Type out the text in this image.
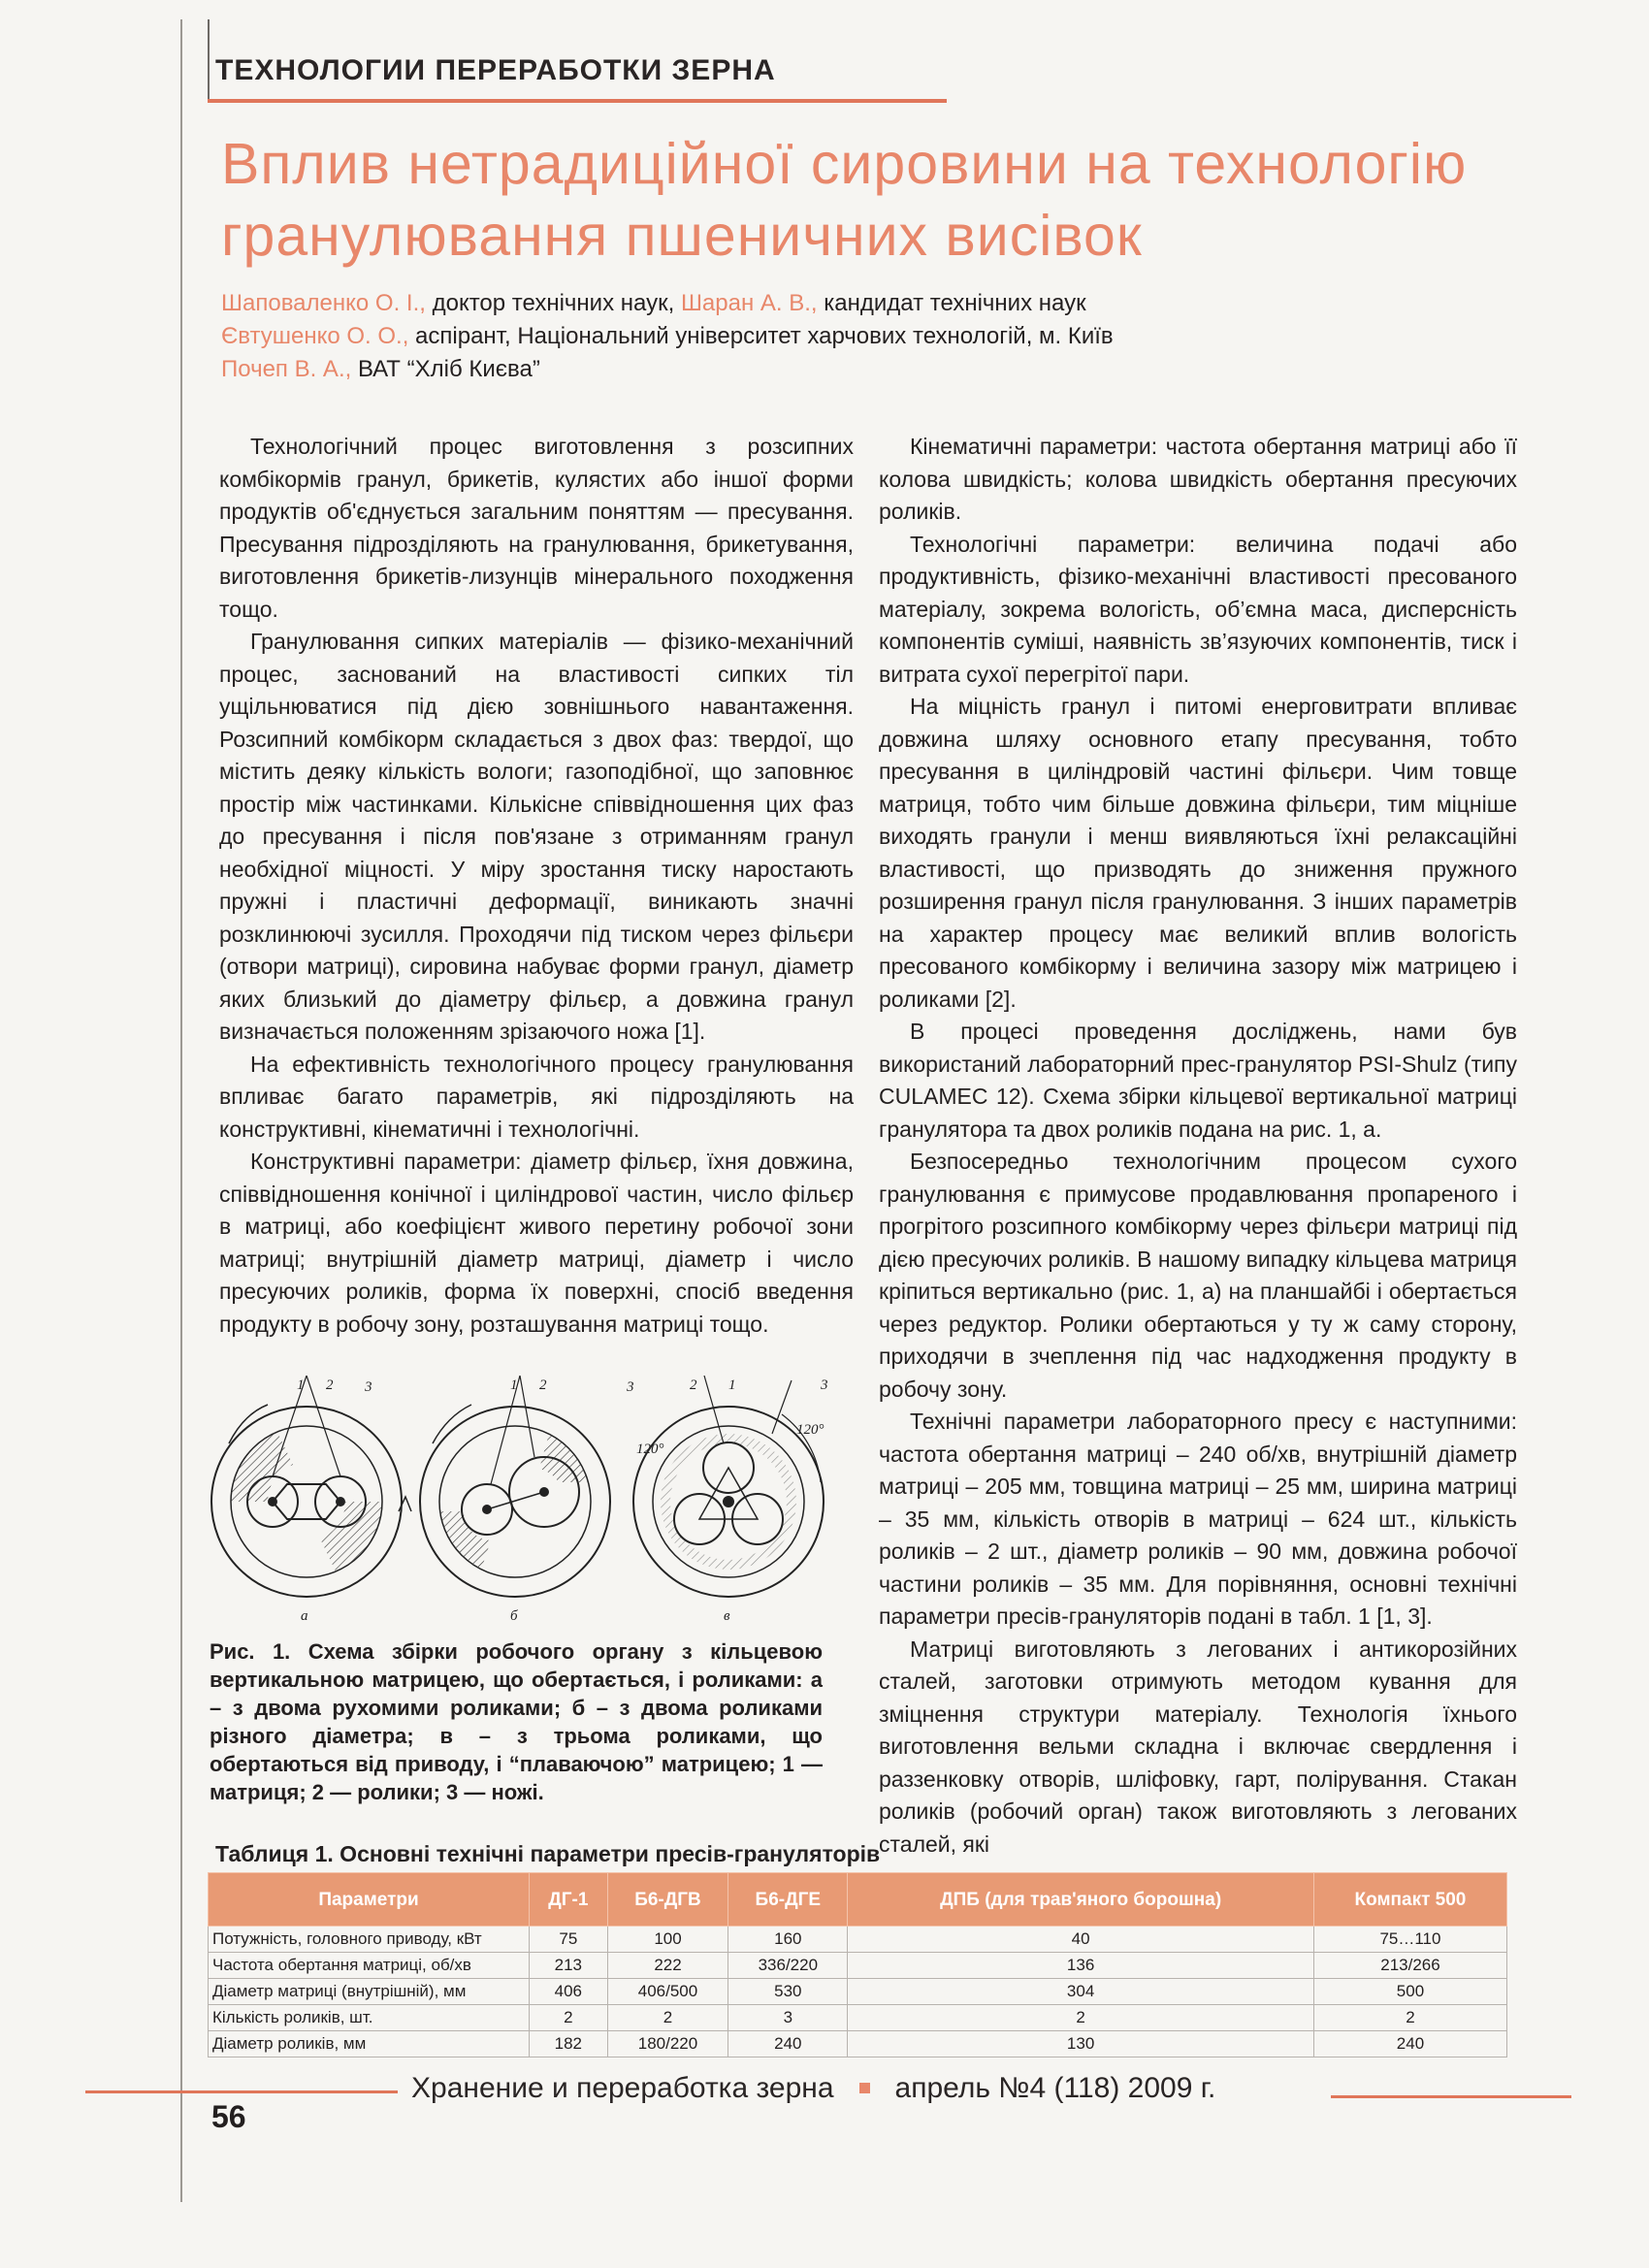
ТЕХНОЛОГИИ ПЕРЕРАБОТКИ ЗЕРНА
Вплив нетрадиційної сировини на технологію гранулювання пшеничних висівок
Шаповаленко О. І., доктор технічних наук, Шаран А. В., кандидат технічних наук
Євтушенко О. О., аспірант, Національний університет харчових технологій, м. Київ
Почеп В. А., ВАТ “Хліб Києва”

Технологічний процес виготовлення з розсипних комбікормів гранул, брикетів, кулястих або іншої форми продуктів об'єднується загальним поняттям — пресування. Пресування підрозділяють на гранулювання, брикетування, виготовлення брикетів-лизунців мінерального походження тощо.

Гранулювання сипких матеріалів — фізико-механічний процес, заснований на властивості сипких тіл ущільнюватися під дією зовнішнього навантаження. Розсипний комбікорм складається з двох фаз: твердої, що містить деяку кількість вологи; газоподібної, що заповнює простір між частинками. Кількісне співвідношення цих фаз до пресування і після пов'язане з отриманням гранул необхідної міцності. У міру зростання тиску наростають пружні і пластичні деформації, виникають значні розклинюючі зусилля. Проходячи під тиском через фільєри (отвори матриці), сировина набуває форми гранул, діаметр яких близький до діаметру фільєр, а довжина гранул визначається положенням зрізаючого ножа [1].

На ефективність технологічного процесу гранулювання впливає багато параметрів, які підрозділяють на конструктивні, кінематичні і технологічні.

Конструктивні параметри: діаметр фільєр, їхня довжина, співвідношення конічної і циліндрової частин, число фільєр в матриці, або коефіцієнт живого перетину робочої зони матриці; внутрішній діаметр матриці, діаметр і число пресуючих роликів, форма їх поверхні, спосіб введення продукту в робочу зону, розташування матриці тощо.

Кінематичні параметри: частота обертання матриці або її колова швидкість; колова швидкість обертання пресуючих роликів.

Технологічні параметри: величина подачі або продуктивність, фізико-механічні властивості пресованого матеріалу, зокрема вологість, об’ємна маса, дисперсність компонентів суміші, наявність зв’язуючих компонентів, тиск і витрата сухої перегрітої пари.

На міцність гранул і питомі енерговитрати впливає довжина шляху основного етапу пресування, тобто пресування в циліндровій частині фільєри. Чим товще матриця, тобто чим більше довжина фільєри, тим міцніше виходять гранули і менш виявляються їхні релаксаційні властивості, що призводять до зниження пружного розширення гранул після гранулювання. З інших параметрів на характер процесу має великий вплив вологість пресованого комбікорму і величина зазору між матрицею і роликами [2].

В процесі проведення досліджень, нами був використаний лабораторний прес-гранулятор PSI-Shulz (типу CULAMEC 12). Схема збірки кільцевої вертикальної матриці гранулятора та двох роликів подана на рис. 1, а.

Безпосередньо технологічним процесом сухого гранулювання є примусове продавлювання пропареного і прогрітого розсипного комбікорму через фільєри матриці під дією пресуючих роликів. В нашому випадку кільцева матриця кріпиться вертикально (рис. 1, а) на планшайбі і обертається через редуктор. Ролики обертаються у ту ж саму сторону, приходячи в зчеплення під час надходження продукту в робочу зону.

Технічні параметри лабораторного пресу є наступними: частота обертання матриці – 240 об/хв, внутрішній діаметр матриці – 205 мм, товщина матриці – 25 мм, ширина матриці – 35 мм, кількість отворів в матриці – 624 шт., кількість роликів – 2 шт., діаметр роликів – 90 мм, довжина робочої частини роликів – 35 мм. Для порівняння, основні технічні параметри пресів-грануляторів подані в табл. 1 [1, 3].

Матриці виготовляють з легованих і антикорозійних сталей, заготовки отримують методом кування для зміцнення структури матеріалу. Технологія їхнього виготовлення вельми складна і включає свердлення і раззенковку отворів, шліфовку, гарт, полірування. Стакан роликів (робочий орган) також виготовляють з легованих сталей, які

1 2 3	1 2	3	2 1	3
120°
120°
а	б	в
Рис. 1. Схема збірки робочого органу з кільцевою вертикальною матрицею, що обертається, і роликами: а – з двома рухомими роликами; б – з двома роликами різного діаметра; в – з трьома роликами, що обертаються від приводу, і “плаваючою” матрицею; 1 — матриця; 2 — ролики; 3 — ножі.
Таблиця 1. Основні технічні параметри пресів-грануляторів
Параметри	ДГ-1	Б6-ДГВ	Б6-ДГЕ	ДПБ (для трав'яного борошна)	Компакт 500
Потужність, головного приводу, кВт	75	100	160	40	75…110
Частота обертання матриці, об/хв	213	222	336/220	136	213/266
Діаметр матриці (внутрішній), мм	406	406/500	530	304	500
Кількість роликів, шт.	2	2	3	2	2
Діаметр роликів, мм	182	180/220	240	130	240
Хранение и переработка зерна апрель №4 (118) 2009 г.
56
